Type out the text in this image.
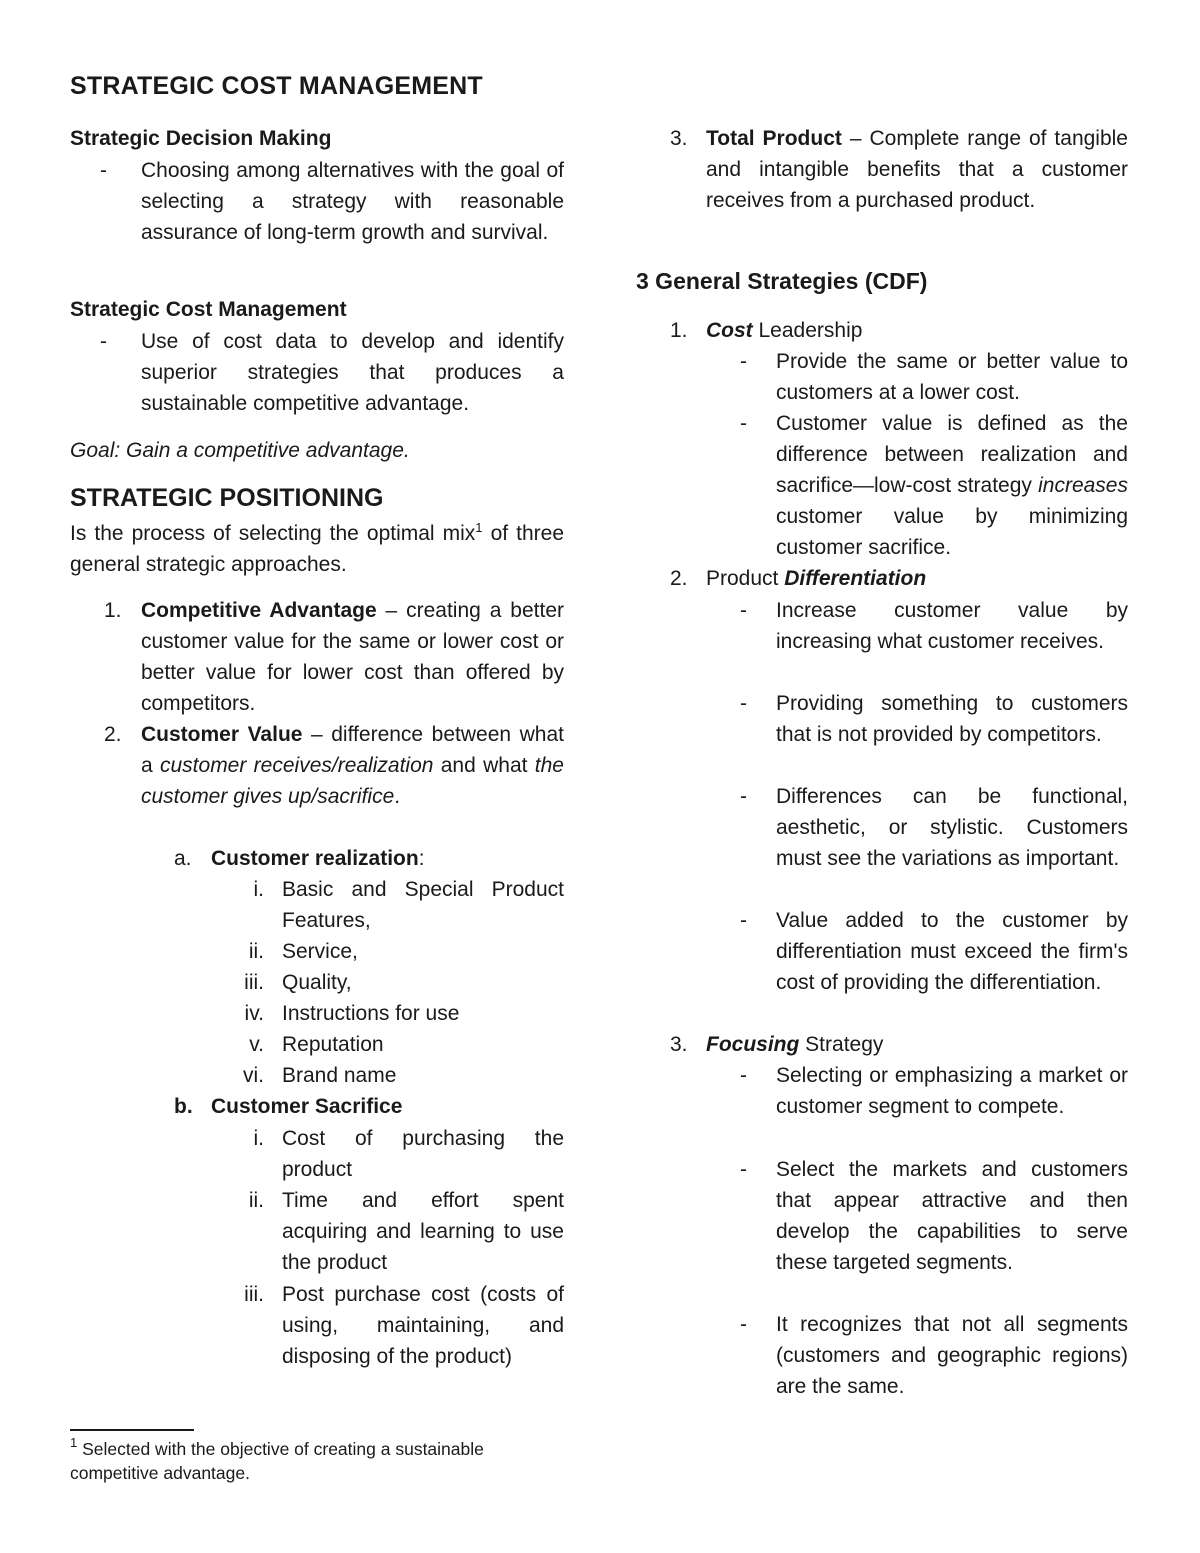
STRATEGIC COST MANAGEMENT
Strategic Decision Making
- Choosing among alternatives with the goal of selecting a strategy with reasonable assurance of long-term growth and survival.
Strategic Cost Management
- Use of cost data to develop and identify superior strategies that produces a sustainable competitive advantage.
Goal: Gain a competitive advantage.
STRATEGIC POSITIONING
Is the process of selecting the optimal mix$^1$ of three general strategic approaches.
1. Competitive Advantage – creating a better customer value for the same or lower cost or better value for lower cost than offered by competitors.
2. Customer Value – difference between what a customer receives/realization and what the customer gives up/sacrifice.
a. Customer realization:
i. Basic and Special Product Features,
ii. Service,
iii. Quality,
iv. Instructions for use
v. Reputation
vi. Brand name
b. Customer Sacrifice
i. Cost of purchasing the product
ii. Time and effort spent acquiring and learning to use the product
iii. Post purchase cost (costs of using, maintaining, and disposing of the product)
$^1$ Selected with the objective of creating a sustainable competitive advantage.
3. Total Product – Complete range of tangible and intangible benefits that a customer receives from a purchased product.
3 General Strategies (CDF)
1. Cost Leadership
- Provide the same or better value to customers at a lower cost.
- Customer value is defined as the difference between realization and sacrifice—low-cost strategy increases customer value by minimizing customer sacrifice.
2. Product Differentiation
- Increase customer value by increasing what customer receives.
- Providing something to customers that is not provided by competitors.
- Differences can be functional, aesthetic, or stylistic. Customers must see the variations as important.
- Value added to the customer by differentiation must exceed the firm's cost of providing the differentiation.
3. Focusing Strategy
- Selecting or emphasizing a market or customer segment to compete.
- Select the markets and customers that appear attractive and then develop the capabilities to serve these targeted segments.
- It recognizes that not all segments (customers and geographic regions) are the same.
